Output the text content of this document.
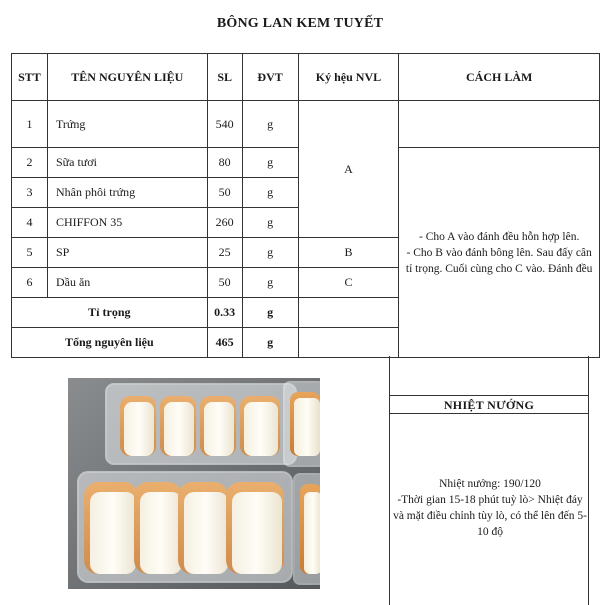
BÔNG LAN KEM TUYẾT
STT	TÊN NGUYÊN LIỆU	SL	ĐVT	Ký hệu NVL	CÁCH LÀM
1	Trứng	540	g	A	
2	Sữa tươi	80	g		- Cho A vào đánh đều hỗn hợp lên.
- Cho B vào đánh bông lên. Sau đấy cân tỉ trọng. Cuối cùng cho C vào. Đánh đều

3	Nhân phôi trứng	50	g		
4	CHIFFON 35	260	g		
5	SP	25	g	B	
6	Dầu ăn	50	g	C	
Tỉ trọng		0.33	g		
Tổng nguyên liệu		465	g		
NHIỆT NƯỚNG
Nhiệt nướng: 190/120
-Thời gian 15-18 phút tuỳ lò> Nhiệt đáy và mặt điều chỉnh tùy lò, có thể lên đến 5-10 độ
